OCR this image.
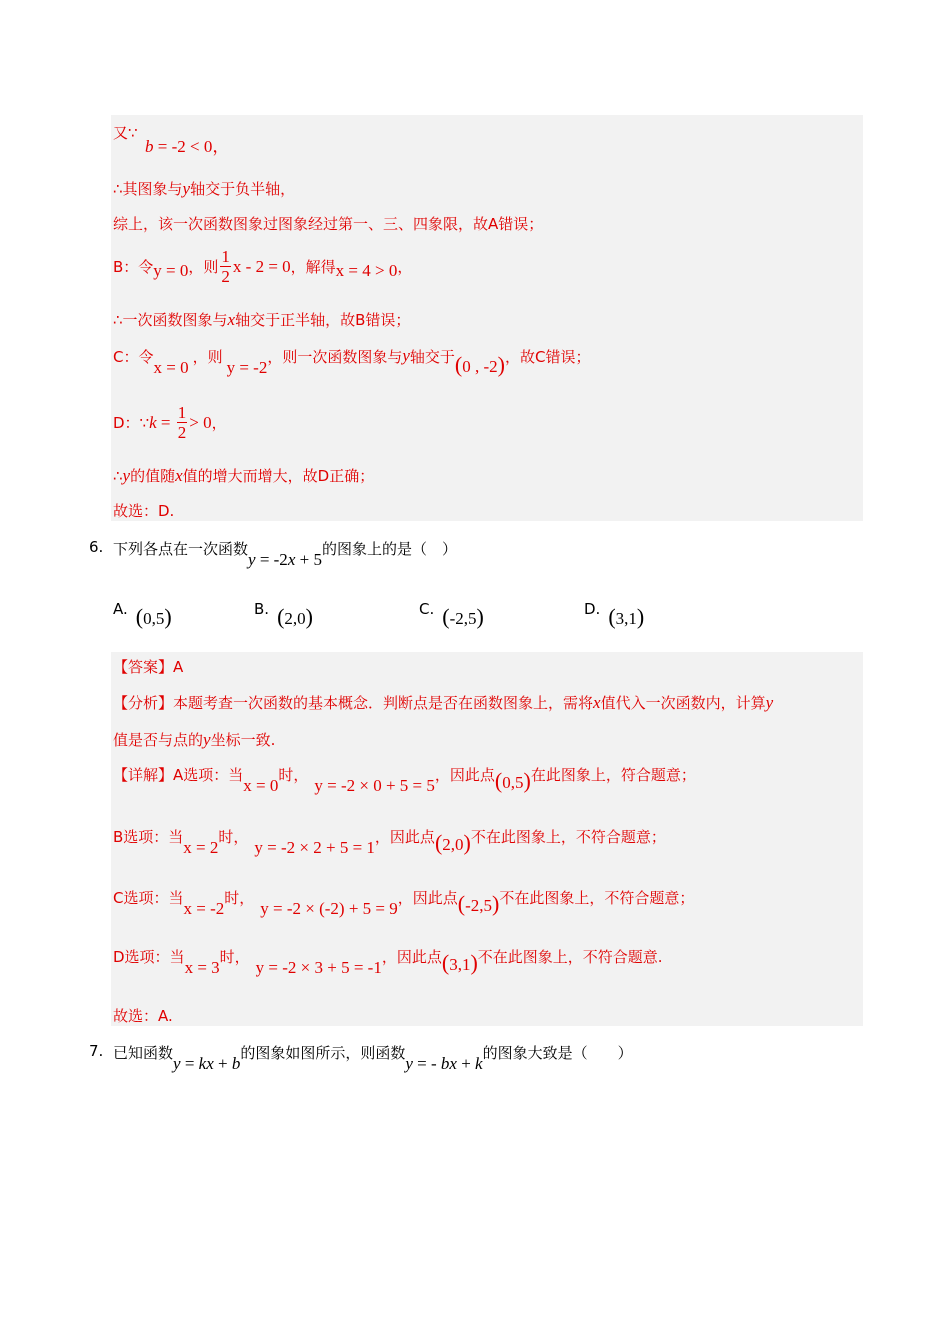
又∵
b = -2 < 0，
∴其图象与y轴交于负半轴，
综上，该一次函数图象过图象经过第一、三、四象限，故A错误；
B：令 y = 0 ，则 $\frac{1}{2}$ x - 2 = 0 ，解得 x = 4 > 0 ，
∴一次函数图象与x轴交于正半轴，故B错误；
C：令
x = 0
，则
y = -2
，则一次函数图象与 y 轴交于 (0 , -2) ，故C错误；
D：∵ $k = \frac{1}{2} > 0$ ，
∴y的值随x值的增大而增大，故D正确；
故选：D.
6. 下列各点在一次函数
y = -2x + 5
的图象上的是（　）
A. (0,5)	B. (2,0)	C. (-2,5)	D. (3,1)
【答案】A
【分析】本题考查一次函数的基本概念．判断点是否在函数图象上，需将x值代入一次函数内，计算y
值是否与点的y坐标一致.
【详解】A选项：当
x = 0
时，
y = -2 × 0 + 5 = 5
，因此点 (0,5) 在此图象上，符合题意；
B选项：当
x = 2
时，
y = -2 × 2 + 5 = 1
，因此点 (2,0) 不在此图象上，不符合题意；
C选项：当
x = -2
时，
y = -2 × (-2) + 5 = 9
，因此点 (-2,5) 不在此图象上，不符合题意；
D选项：当
x = 3
时，
y = -2 × 3 + 5 = -1
，因此点 (3,1) 不在此图象上，不符合题意.
故选：A.
7. 已知函数
y = kx + b
的图象如图所示，则函数
y = - bx + k
的图象大致是（　　）
